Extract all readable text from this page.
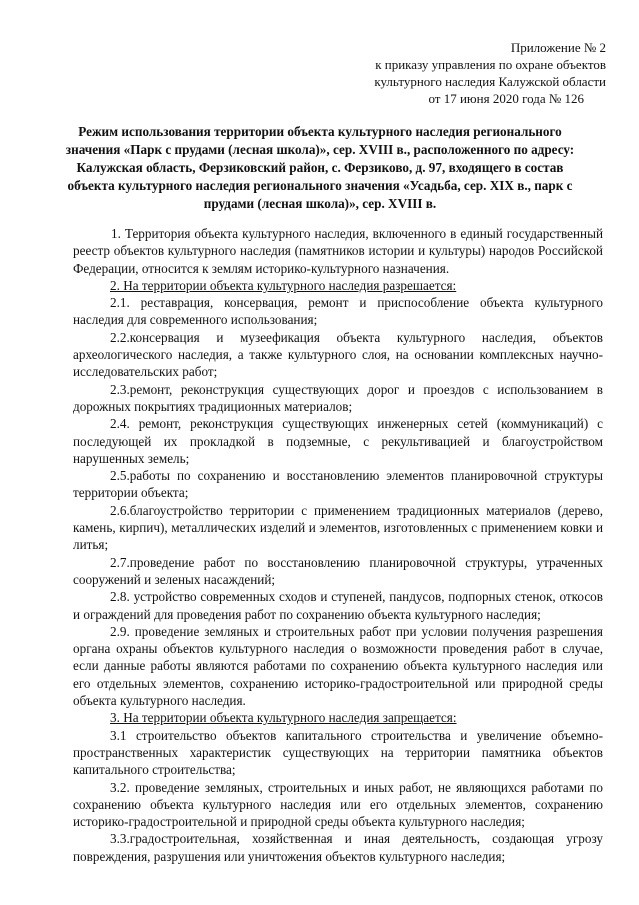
Приложение № 2
к приказу управления по охране объектов
культурного наследия Калужской области
от 17 июня 2020 года № 126
Режим использования территории объекта культурного наследия регионального значения «Парк с прудами (лесная школа)», сер. XVIII в., расположенного по адресу: Калужская область, Ферзиковский район, с. Ферзиково, д. 97, входящего в состав объекта культурного наследия регионального значения «Усадьба, сер. XIX в., парк с прудами (лесная школа)», сер. XVIII в.

1. Территория объекта культурного наследия, включенного в единый государственный реестр объектов культурного наследия (памятников истории и культуры) народов Российской Федерации, относится к землям историко-культурного назначения.

2. На территории объекта культурного наследия разрешается:

2.1. реставрация, консервация, ремонт и приспособление объекта культурного наследия для современного использования;

2.2.консервация и музеефикация объекта культурного наследия, объектов археологического наследия, а также культурного слоя, на основании комплексных научно-исследовательских работ;

2.3.ремонт, реконструкция существующих дорог и проездов с использованием в дорожных покрытиях традиционных материалов;

2.4. ремонт, реконструкция существующих инженерных сетей (коммуникаций) с последующей их прокладкой в подземные, с рекультивацией и благоустройством нарушенных земель;

2.5.работы по сохранению и восстановлению элементов планировочной структуры территории объекта;

2.6.благоустройство территории с применением традиционных материалов (дерево, камень, кирпич), металлических изделий и элементов, изготовленных с применением ковки и литья;

2.7.проведение работ по восстановлению планировочной структуры, утраченных сооружений и зеленых насаждений;

2.8. устройство современных сходов и ступеней, пандусов, подпорных стенок, откосов и ограждений для проведения работ по сохранению объекта культурного наследия;

2.9. проведение земляных и строительных работ при условии получения разрешения органа охраны объектов культурного наследия о возможности проведения работ в случае, если данные работы являются работами по сохранению объекта культурного наследия или его отдельных элементов, сохранению историко-градостроительной или природной среды объекта культурного наследия.

3. На территории объекта культурного наследия запрещается:

3.1 строительство объектов капитального строительства и увеличение объемно-пространственных характеристик существующих на территории памятника объектов капитального строительства;

3.2. проведение земляных, строительных и иных работ, не являющихся работами по сохранению объекта культурного наследия или его отдельных элементов, сохранению историко-градостроительной и природной среды объекта культурного наследия;

3.3.градостроительная, хозяйственная и иная деятельность, создающая угрозу повреждения, разрушения или уничтожения объектов культурного наследия;
